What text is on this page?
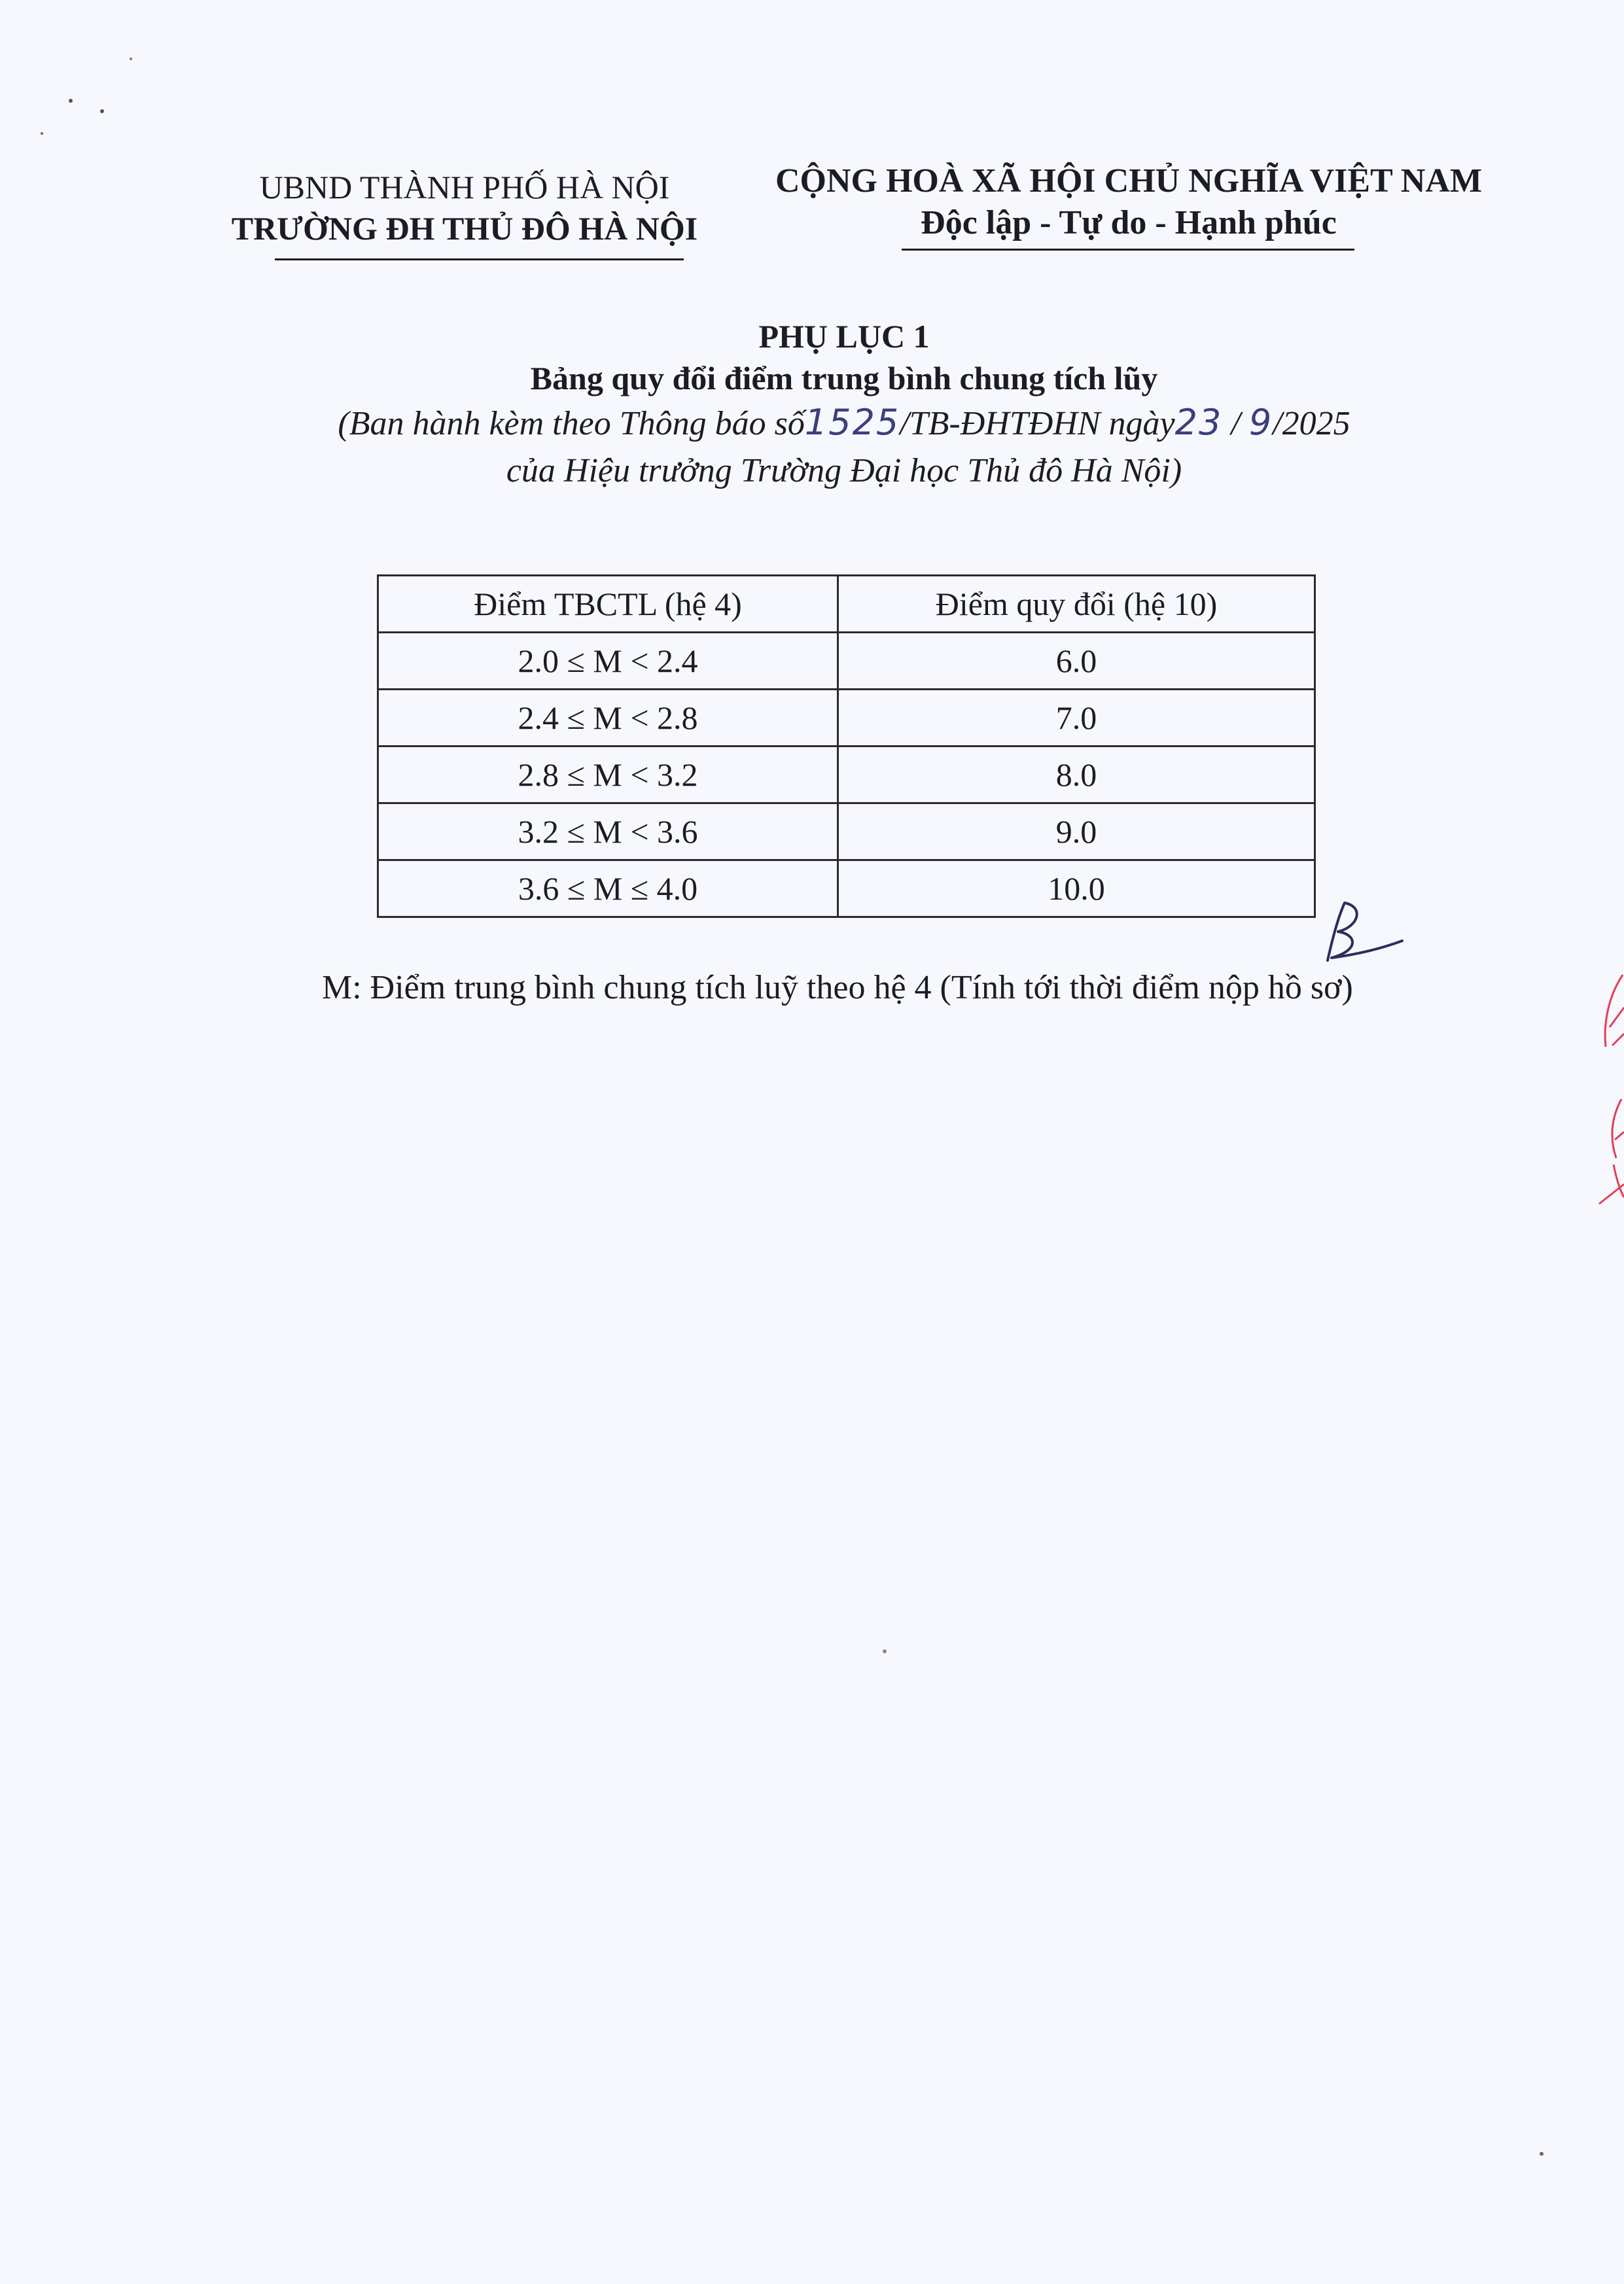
UBND THÀNH PHỐ HÀ NỘI
TRƯỜNG ĐH THỦ ĐÔ HÀ NỘI
CỘNG HOÀ XÃ HỘI CHỦ NGHĨA VIỆT NAM
Độc lập - Tự do - Hạnh phúc
PHỤ LỤC 1
Bảng quy đổi điểm trung bình chung tích lũy
(Ban hành kèm theo Thông báo số1525/TB-ĐHTĐHN ngày23 / 9/2025
của Hiệu trưởng Trường Đại học Thủ đô Hà Nội)
Điểm TBCTL (hệ 4)	Điểm quy đổi (hệ 10)
2.0 ≤ M < 2.4	6.0
2.4 ≤ M < 2.8	7.0
2.8 ≤ M < 3.2	8.0
3.2 ≤ M < 3.6	9.0
3.6 ≤ M ≤ 4.0	10.0
M: Điểm trung bình chung tích luỹ theo hệ 4 (Tính tới thời điểm nộp hồ sơ)
